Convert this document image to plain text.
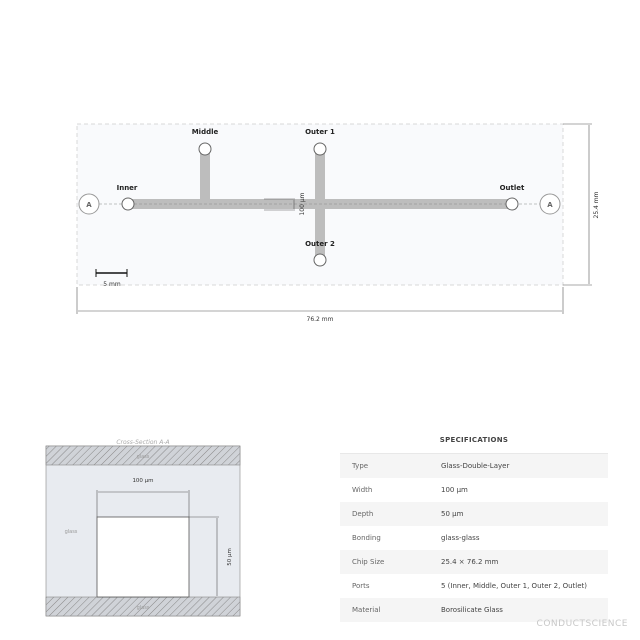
100 µm
Middle	Outer 1
Inner	Outlet
Outer 2
A	A
5 mm
25.4 mm
76.2 mm
Cross-Section A-A
100 µm
50 µm
glass
glass
glass
SPECIFICATIONS
Type	Glass-Double-Layer
Width	100 µm
Depth	50 µm
Bonding	glass-glass
Chip Size	25.4 × 76.2 mm
Ports	5 (Inner, Middle, Outer 1, Outer 2, Outlet)
Material	Borosilicate Glass
CONDUCTSCIENCE
